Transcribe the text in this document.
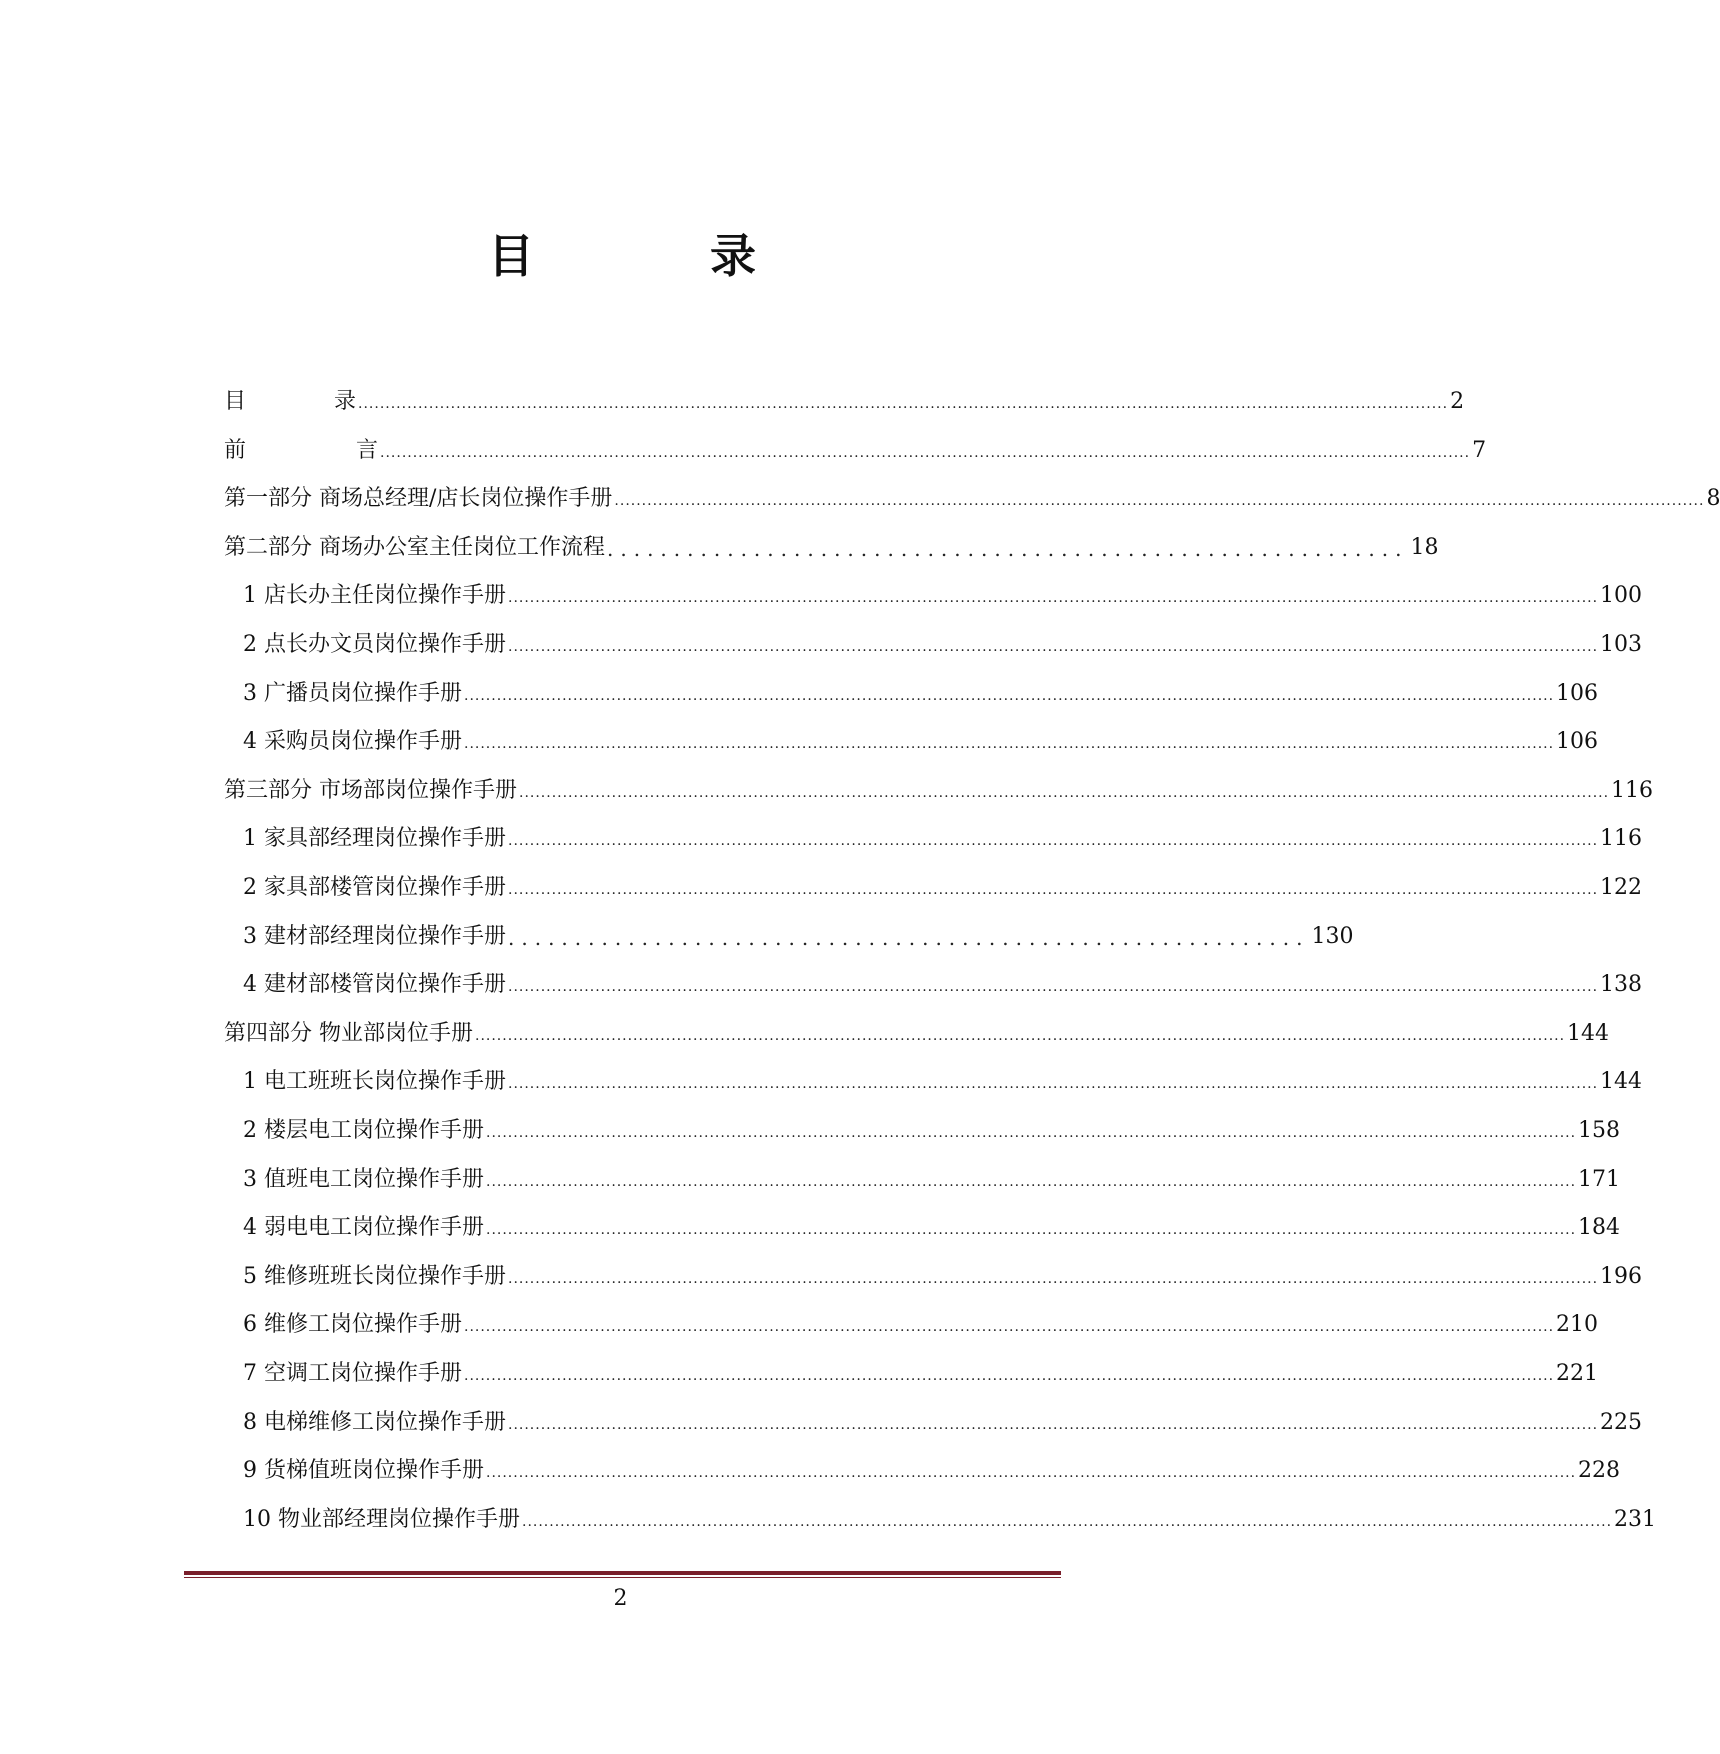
目	录
目　　　　录 ........................................................................................................................................................................................................ 2
前　　　　　言 ........................................................................................................................................................................................................ 7
第一部分 商场总经理/店长岗位操作手册 ........................................................................................................................................................................................................ 8
第二部分 商场办公室主任岗位工作流程 ............................................................ 18
1 店长办主任岗位操作手册 ........................................................................................................................................................................................................ 100
2 点长办文员岗位操作手册 ........................................................................................................................................................................................................ 103
3 广播员岗位操作手册 ........................................................................................................................................................................................................ 106
4 采购员岗位操作手册 ........................................................................................................................................................................................................ 106
第三部分 市场部岗位操作手册 ........................................................................................................................................................................................................ 116
1 家具部经理岗位操作手册 ........................................................................................................................................................................................................ 116
2 家具部楼管岗位操作手册 ........................................................................................................................................................................................................ 122
3 建材部经理岗位操作手册 ............................................................ 130
4 建材部楼管岗位操作手册 ........................................................................................................................................................................................................ 138
第四部分 物业部岗位手册 ........................................................................................................................................................................................................ 144
1 电工班班长岗位操作手册 ........................................................................................................................................................................................................ 144
2 楼层电工岗位操作手册 ........................................................................................................................................................................................................ 158
3 值班电工岗位操作手册 ........................................................................................................................................................................................................ 171
4 弱电电工岗位操作手册 ........................................................................................................................................................................................................ 184
5 维修班班长岗位操作手册 ........................................................................................................................................................................................................ 196
6 维修工岗位操作手册 ........................................................................................................................................................................................................ 210
7 空调工岗位操作手册 ........................................................................................................................................................................................................ 221
8 电梯维修工岗位操作手册 ........................................................................................................................................................................................................ 225
9 货梯值班岗位操作手册 ........................................................................................................................................................................................................ 228
10 物业部经理岗位操作手册 ........................................................................................................................................................................................................ 231
2
